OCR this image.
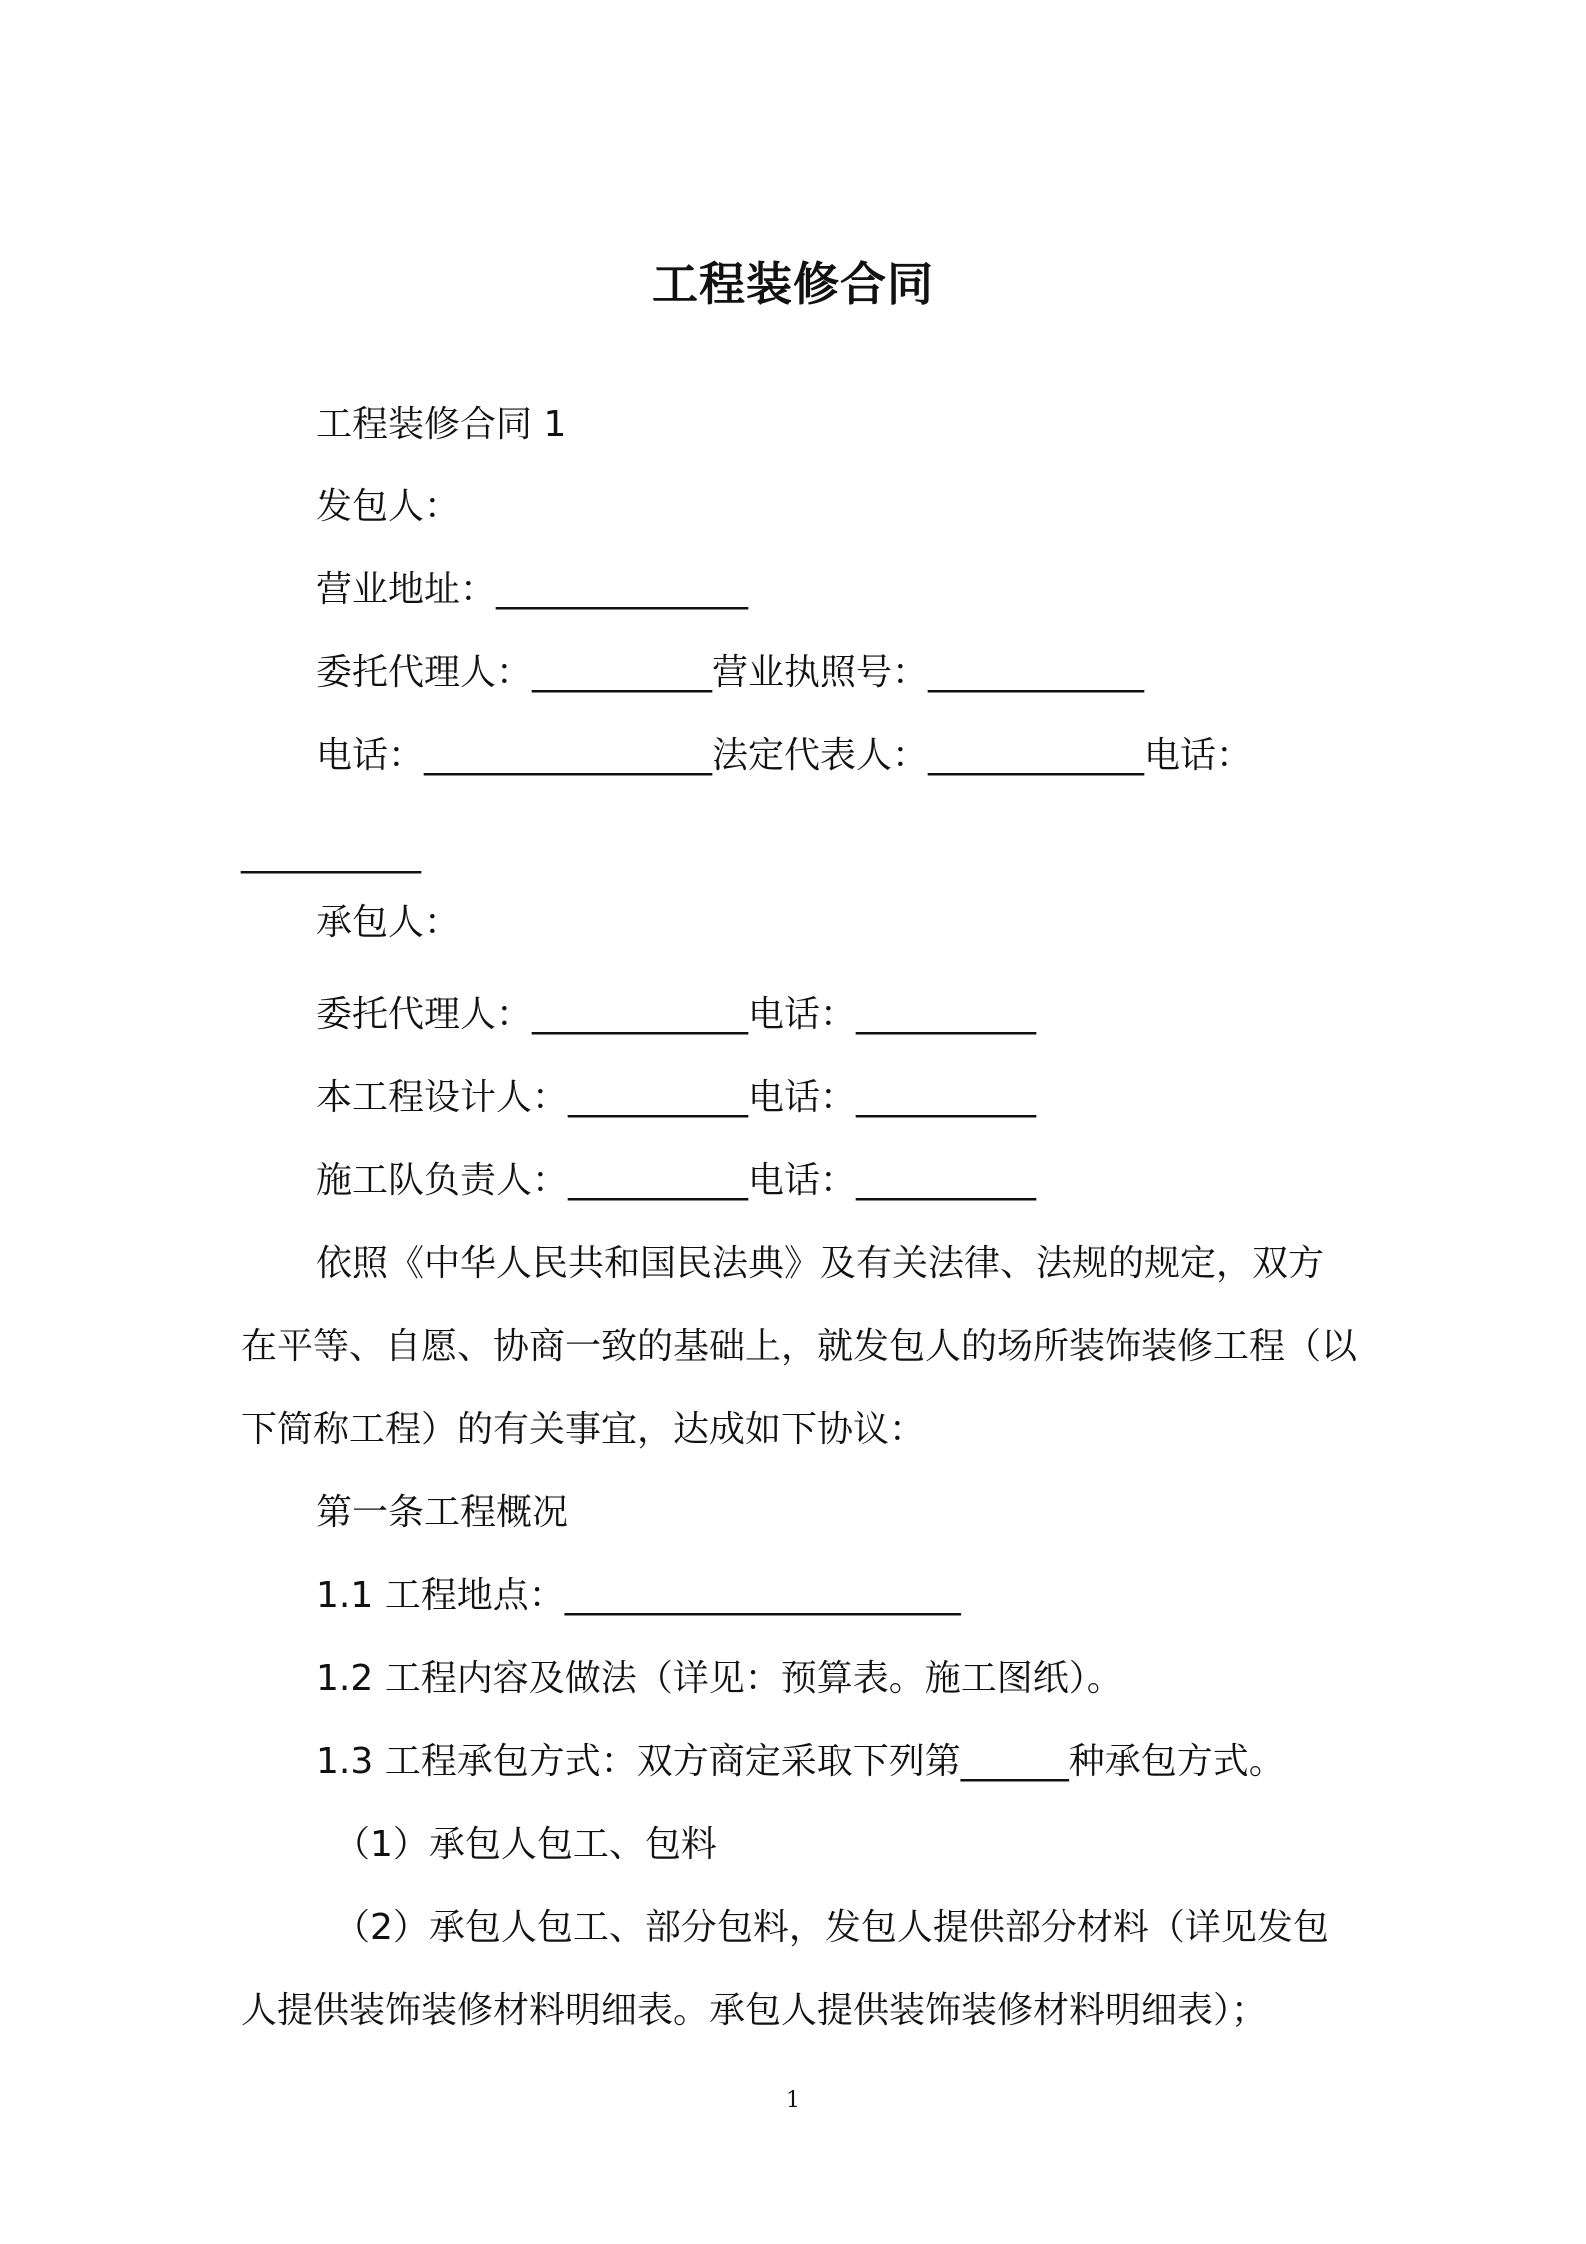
工程装修合同
工程装修合同 1
发包人：
营业地址：______________
委托代理人：__________营业执照号：____________
电话：________________法定代表人：____________电话：
__________
承包人：
委托代理人：____________电话：__________
本工程设计人：__________电话：__________
施工队负责人：__________电话：__________
依照《中华人民共和国民法典》及有关法律、法规的规定，双方
在平等、自愿、协商一致的基础上，就发包人的场所装饰装修工程（以
下简称工程）的有关事宜，达成如下协议：
第一条工程概况
1.1 工程地点：______________________
1.2 工程内容及做法（详见：预算表。施工图纸）。
1.3 工程承包方式：双方商定采取下列第______种承包方式。
（1）承包人包工、包料
（2）承包人包工、部分包料，发包人提供部分材料（详见发包
人提供装饰装修材料明细表。承包人提供装饰装修材料明细表）；
1
